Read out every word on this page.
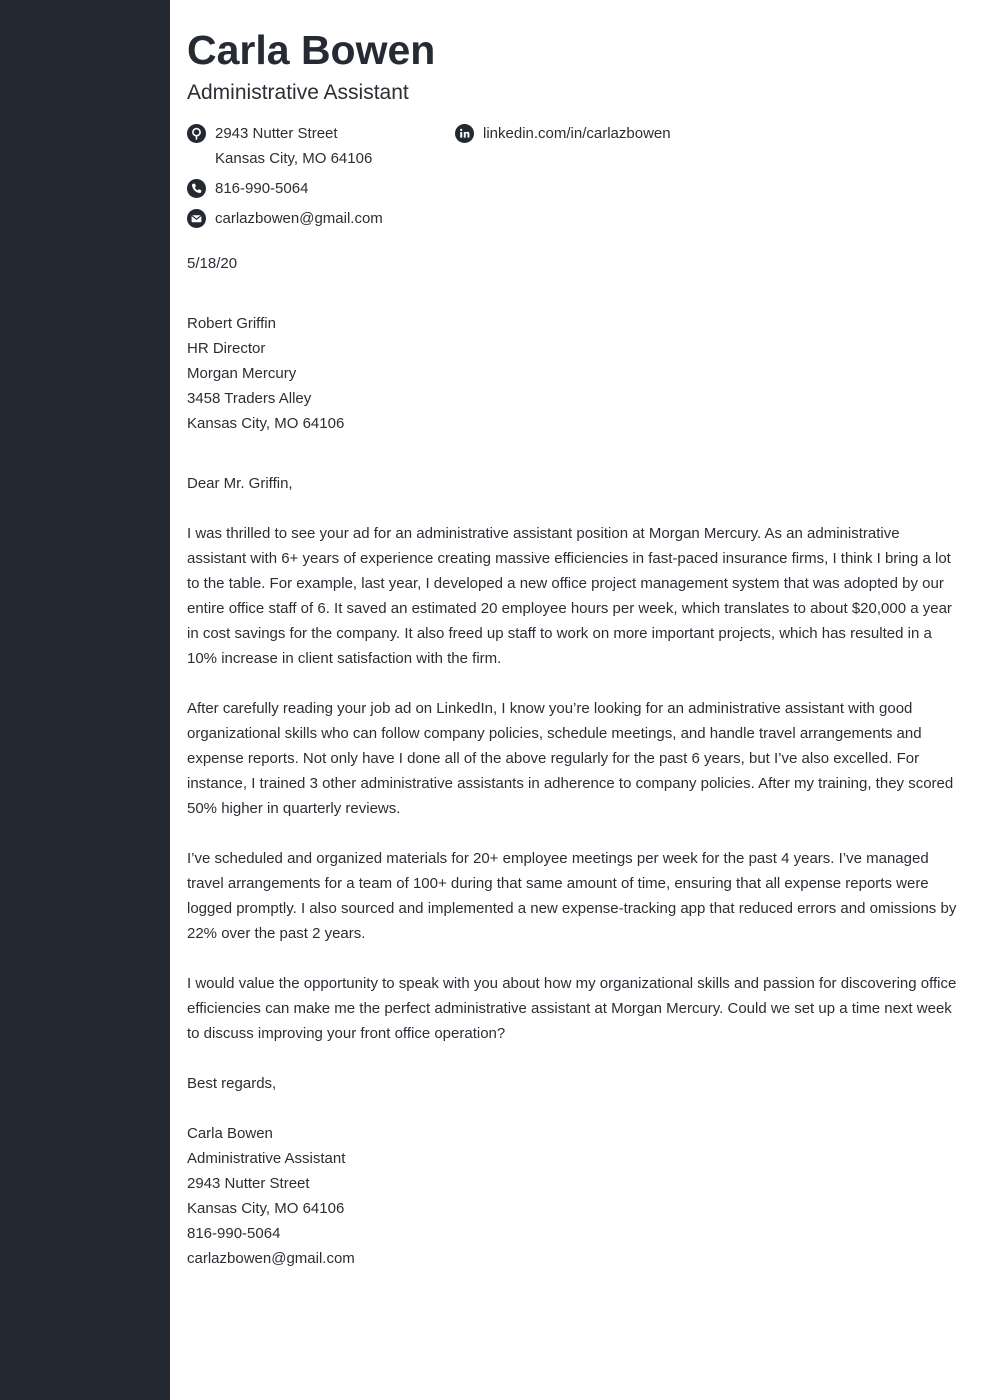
Carla Bowen
Administrative Assistant
2943 Nutter Street
Kansas City, MO 64106
linkedin.com/in/carlazbowen
816-990-5064
carlazbowen@gmail.com

5/18/20

Robert Griffin
HR Director
Morgan Mercury
3458 Traders Alley
Kansas City, MO 64106

Dear Mr. Griffin,

I was thrilled to see your ad for an administrative assistant position at Morgan Mercury. As an administrative assistant with 6+ years of experience creating massive efficiencies in fast-paced insurance firms, I think I bring a lot to the table. For example, last year, I developed a new office project management system that was adopted by our entire office staff of 6. It saved an estimated 20 employee hours per week, which translates to about $20,000 a year in cost savings for the company. It also freed up staff to work on more important projects, which has resulted in a 10% increase in client satisfaction with the firm.

After carefully reading your job ad on LinkedIn, I know you’re looking for an administrative assistant with good organizational skills who can follow company policies, schedule meetings, and handle travel arrangements and expense reports. Not only have I done all of the above regularly for the past 6 years, but I’ve also excelled. For instance, I trained 3 other administrative assistants in adherence to company policies. After my training, they scored 50% higher in quarterly reviews.

I’ve scheduled and organized materials for 20+ employee meetings per week for the past 4 years. I’ve managed travel arrangements for a team of 100+ during that same amount of time, ensuring that all expense reports were logged promptly. I also sourced and implemented a new expense-tracking app that reduced errors and omissions by 22% over the past 2 years.

I would value the opportunity to speak with you about how my organizational skills and passion for discovering office efficiencies can make me the perfect administrative assistant at Morgan Mercury. Could we set up a time next week to discuss improving your front office operation?

Best regards,

Carla Bowen
Administrative Assistant
2943 Nutter Street
Kansas City, MO 64106
816-990-5064
carlazbowen@gmail.com
